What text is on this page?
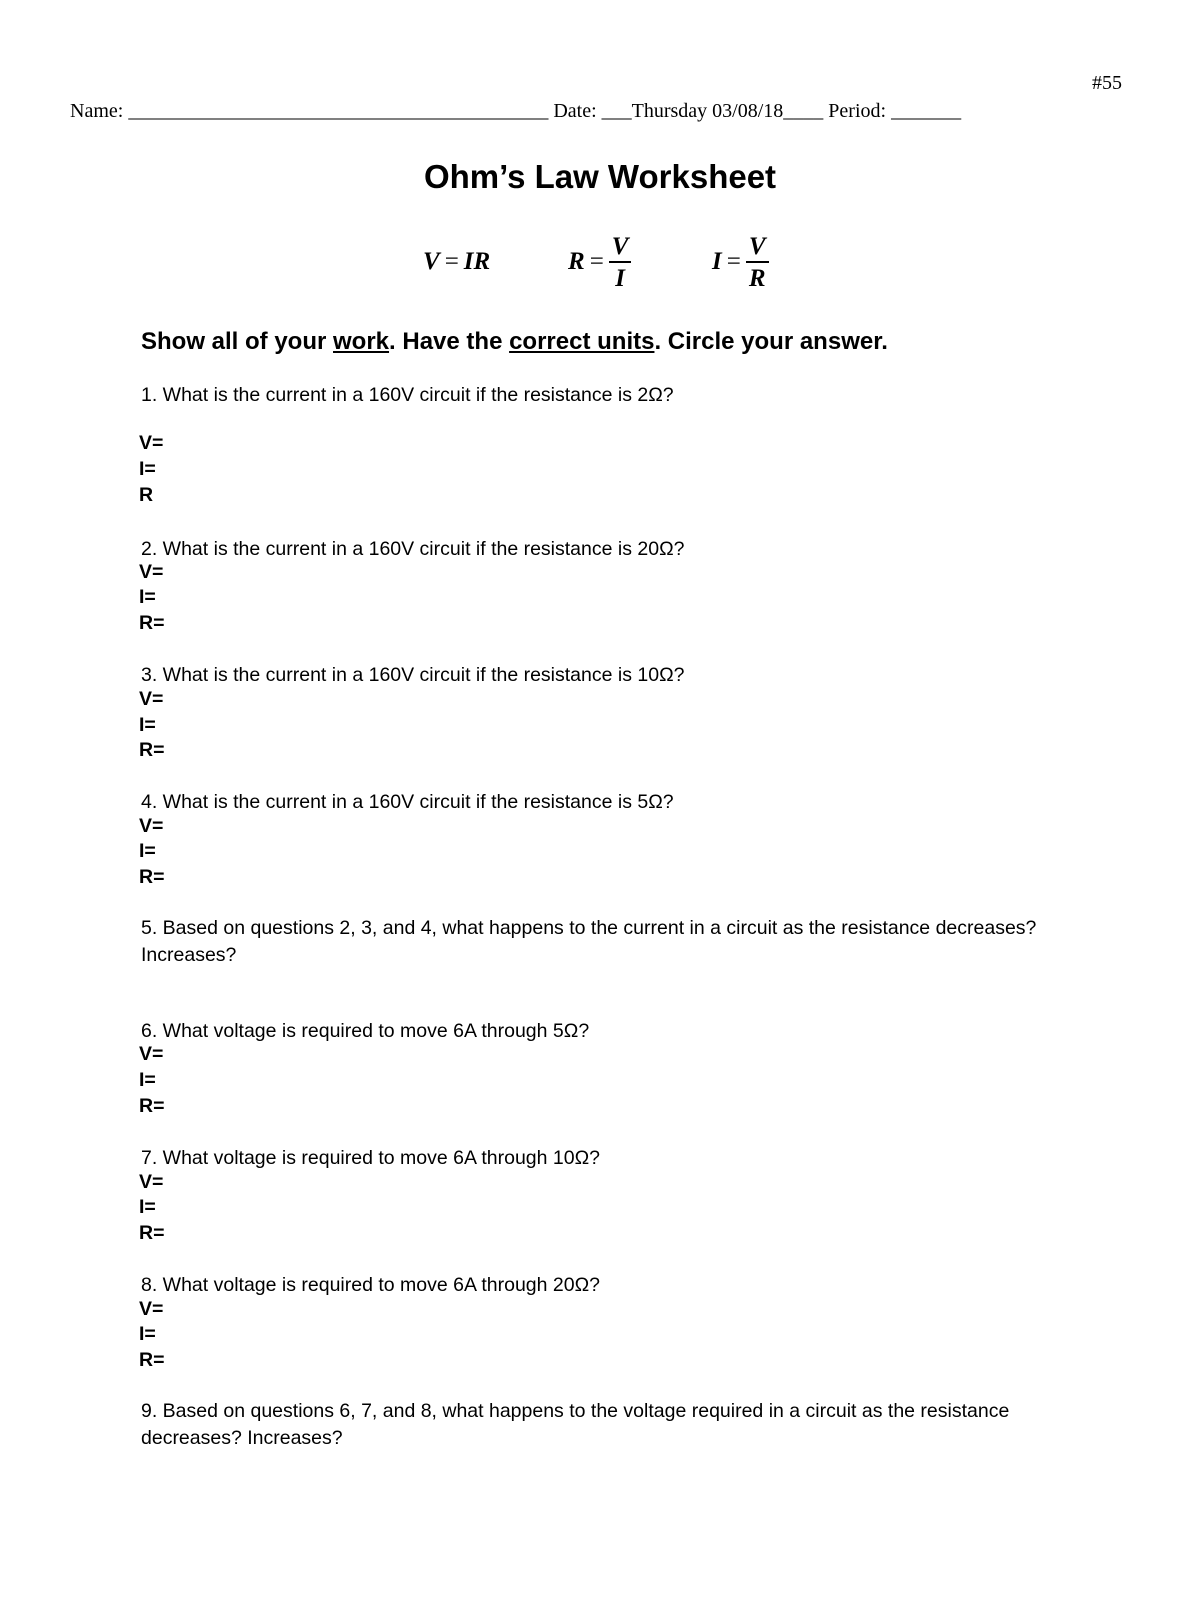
#55
Name: __________________________________________ Date: ___Thursday 03/08/18____ Period: _______
Ohm’s Law Worksheet
V = IR	$R = \frac{V}{I}$	$I = \frac{V}{R}$
Show all of your work. Have the correct units. Circle your answer.
1. What is the current in a 160V circuit if the resistance is 2Ω?
V=
I=
R
2. What is the current in a 160V circuit if the resistance is 20Ω?
V=
I=
R=
3. What is the current in a 160V circuit if the resistance is 10Ω?
V=
I=
R=
4. What is the current in a 160V circuit if the resistance is 5Ω?
V=
I=
R=
5. Based on questions 2, 3, and 4, what happens to the current in a circuit as the resistance decreases? Increases?
6. What voltage is required to move 6A through 5Ω?
V=
I=
R=
7. What voltage is required to move 6A through 10Ω?
V=
I=
R=
8. What voltage is required to move 6A through 20Ω?
V=
I=
R=
9. Based on questions 6, 7, and 8, what happens to the voltage required in a circuit as the resistance decreases? Increases?
